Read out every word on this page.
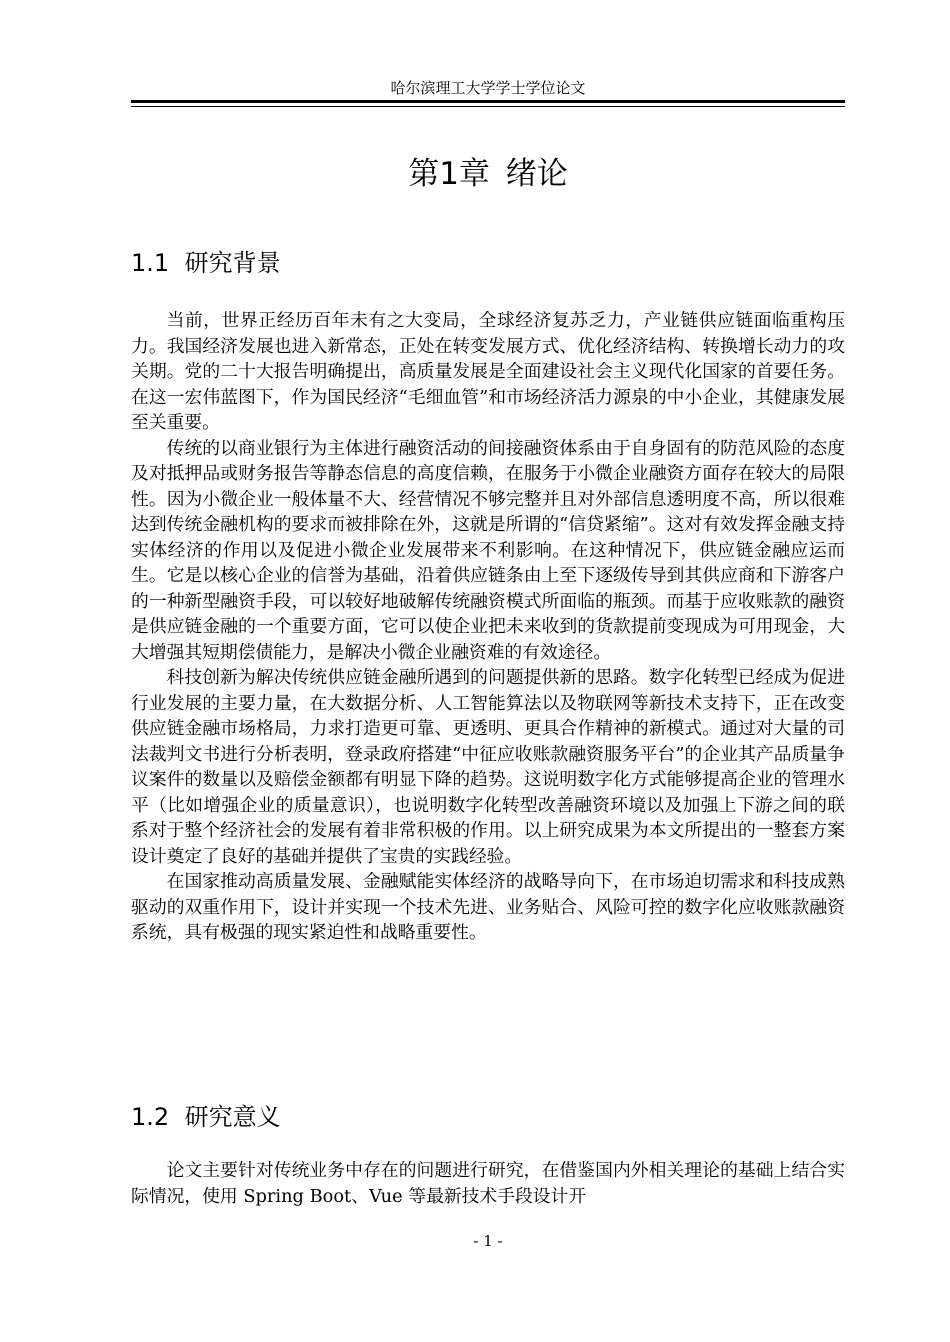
哈尔滨理工大学学士学位论文
第1章 绪论
1.1 研究背景

当前，世界正经历百年未有之大变局，全球经济复苏乏力，产业链供应链面临重构压力。我国经济发展也进入新常态，正处在转变发展方式、优化经济结构、转换增长动力的攻关期。党的二十大报告明确提出，高质量发展是全面建设社会主义现代化国家的首要任务。在这一宏伟蓝图下，作为国民经济“毛细血管”和市场经济活力源泉的中小企业，其健康发展至关重要。

传统的以商业银行为主体进行融资活动的间接融资体系由于自身固有的防范风险的态度及对抵押品或财务报告等静态信息的高度信赖，在服务于小微企业融资方面存在较大的局限性。因为小微企业一般体量不大、经营情况不够完整并且对外部信息透明度不高，所以很难达到传统金融机构的要求而被排除在外，这就是所谓的“信贷紧缩”。这对有效发挥金融支持实体经济的作用以及促进小微企业发展带来不利影响。在这种情况下，供应链金融应运而生。它是以核心企业的信誉为基础，沿着供应链条由上至下逐级传导到其供应商和下游客户的一种新型融资手段，可以较好地破解传统融资模式所面临的瓶颈。而基于应收账款的融资是供应链金融的一个重要方面，它可以使企业把未来收到的货款提前变现成为可用现金，大大增强其短期偿债能力，是解决小微企业融资难的有效途径。

科技创新为解决传统供应链金融所遇到的问题提供新的思路。数字化转型已经成为促进行业发展的主要力量，在大数据分析、人工智能算法以及物联网等新技术支持下，正在改变供应链金融市场格局，力求打造更可靠、更透明、更具合作精神的新模式。通过对大量的司法裁判文书进行分析表明，登录政府搭建“中征应收账款融资服务平台”的企业其产品质量争议案件的数量以及赔偿金额都有明显下降的趋势。这说明数字化方式能够提高企业的管理水平（比如增强企业的质量意识），也说明数字化转型改善融资环境以及加强上下游之间的联系对于整个经济社会的发展有着非常积极的作用。以上研究成果为本文所提出的一整套方案设计奠定了良好的基础并提供了宝贵的实践经验。

在国家推动高质量发展、金融赋能实体经济的战略导向下，在市场迫切需求和科技成熟驱动的双重作用下，设计并实现一个技术先进、业务贴合、风险可控的数字化应收账款融资系统，具有极强的现实紧迫性和战略重要性。

1.2 研究意义

论文主要针对传统业务中存在的问题进行研究，在借鉴国内外相关理论的基础上结合实际情况，使用 Spring Boot、Vue 等最新技术手段设计开

- 1 -
